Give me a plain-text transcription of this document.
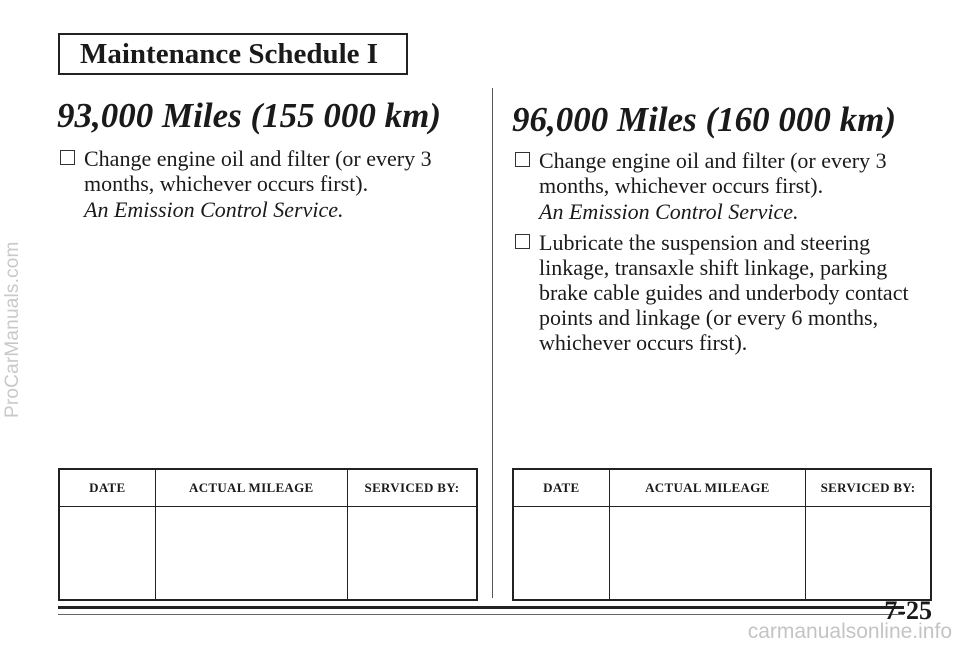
ProCarManuals.com
Maintenance Schedule I
93,000 Miles (155 000 km)
Change engine oil and filter (or every 3 months, whichever occurs first).
An Emission Control Service.
96,000 Miles (160 000 km)
Change engine oil and filter (or every 3 months, whichever occurs first).
An Emission Control Service.
Lubricate the suspension and steering linkage, transaxle shift linkage, parking brake cable guides and underbody contact points and linkage (or every 6 months, whichever occurs first).
DATE	ACTUAL MILEAGE	SERVICED BY:
			DATE	ACTUAL MILEAGE	SERVICED BY:

7-25
carmanualsonline.info
